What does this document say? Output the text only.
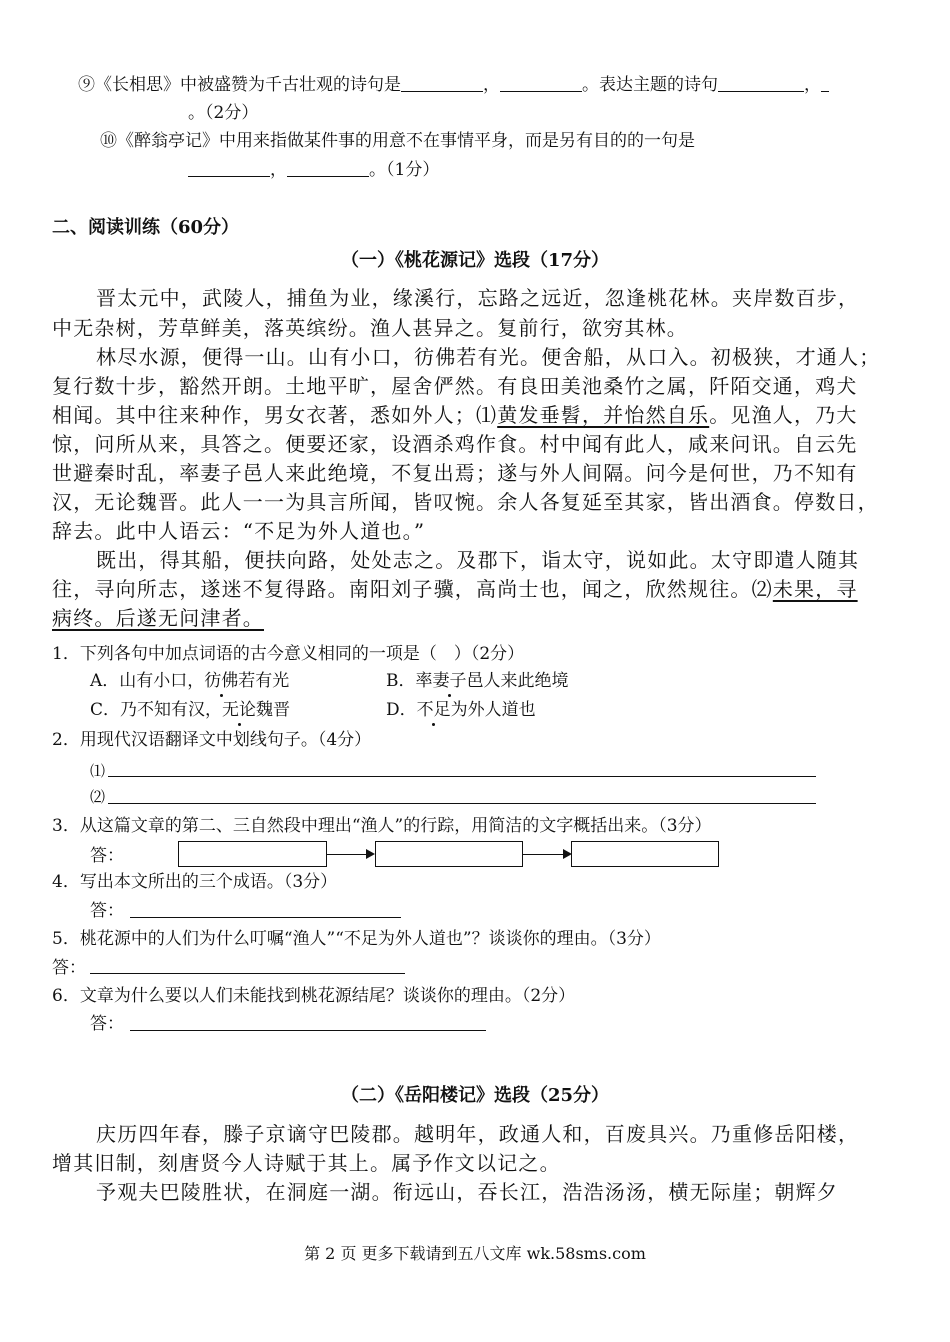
⑨《长相思》中被盛赞为千古壮观的诗句是	，	。表达主题的诗句	，
。（2分）
⑩《醉翁亭记》中用来指做某件事的用意不在事情平身，而是另有目的的一句是
，	。（1分）
二、阅读训练（60分）
（一）《桃花源记》选段（17分）
晋太元中，武陵人，捕鱼为业，缘溪行，忘路之远近，忽逢桃花林。夹岸数百步，
中无杂树，芳草鲜美，落英缤纷。渔人甚异之。复前行，欲穷其林。
林尽水源，便得一山。山有小口，彷佛若有光。便舍船，从口入。初极狭，才通人；
复行数十步，豁然开朗。土地平旷，屋舍俨然。有良田美池桑竹之属，阡陌交通，鸡犬
相闻。其中往来种作，男女衣著，悉如外人；⑴黄发垂髫，并怡然自乐。见渔人，乃大
惊，问所从来，具答之。便要还家，设酒杀鸡作食。村中闻有此人，咸来问讯。自云先
世避秦时乱，率妻子邑人来此绝境，不复出焉；遂与外人间隔。问今是何世，乃不知有
汉，无论魏晋。此人一一为具言所闻，皆叹惋。余人各复延至其家，皆出酒食。停数日，
辞去。此中人语云：“不足为外人道也。”
既出，得其船，便扶向路，处处志之。及郡下，诣太守，说如此。太守即遣人随其
往，寻向所志，遂迷不复得路。南阳刘子骥，高尚士也，闻之，欣然规往。⑵未果，寻
病终。后遂无问津者。
1．下列各句中加点词语的古今意义相同的一项是（　）（2分）
A．山有小口，彷佛若有光	B．率妻子邑人来此绝境
C．乃不知有汉，无论魏晋	D．不足为外人道也
2．用现代汉语翻译文中划线句子。（4分）
⑴
⑵
3．从这篇文章的第二、三自然段中理出“渔人”的行踪，用简洁的文字概括出来。（3分）
答：
4．写出本文所出的三个成语。（3分）
答：
5．桃花源中的人们为什么叮嘱“渔人”“不足为外人道也”？谈谈你的理由。（3分）
答：
6．文章为什么要以人们未能找到桃花源结尾？谈谈你的理由。（2分）
答：
（二）《岳阳楼记》选段（25分）
庆历四年春，滕子京谪守巴陵郡。越明年，政通人和，百废具兴。乃重修岳阳楼，
增其旧制，刻唐贤今人诗赋于其上。属予作文以记之。
予观夫巴陵胜状，在洞庭一湖。衔远山，吞长江，浩浩汤汤，横无际崖；朝辉夕
第 2 页 更多下载请到五八文库 wk.58sms.com
